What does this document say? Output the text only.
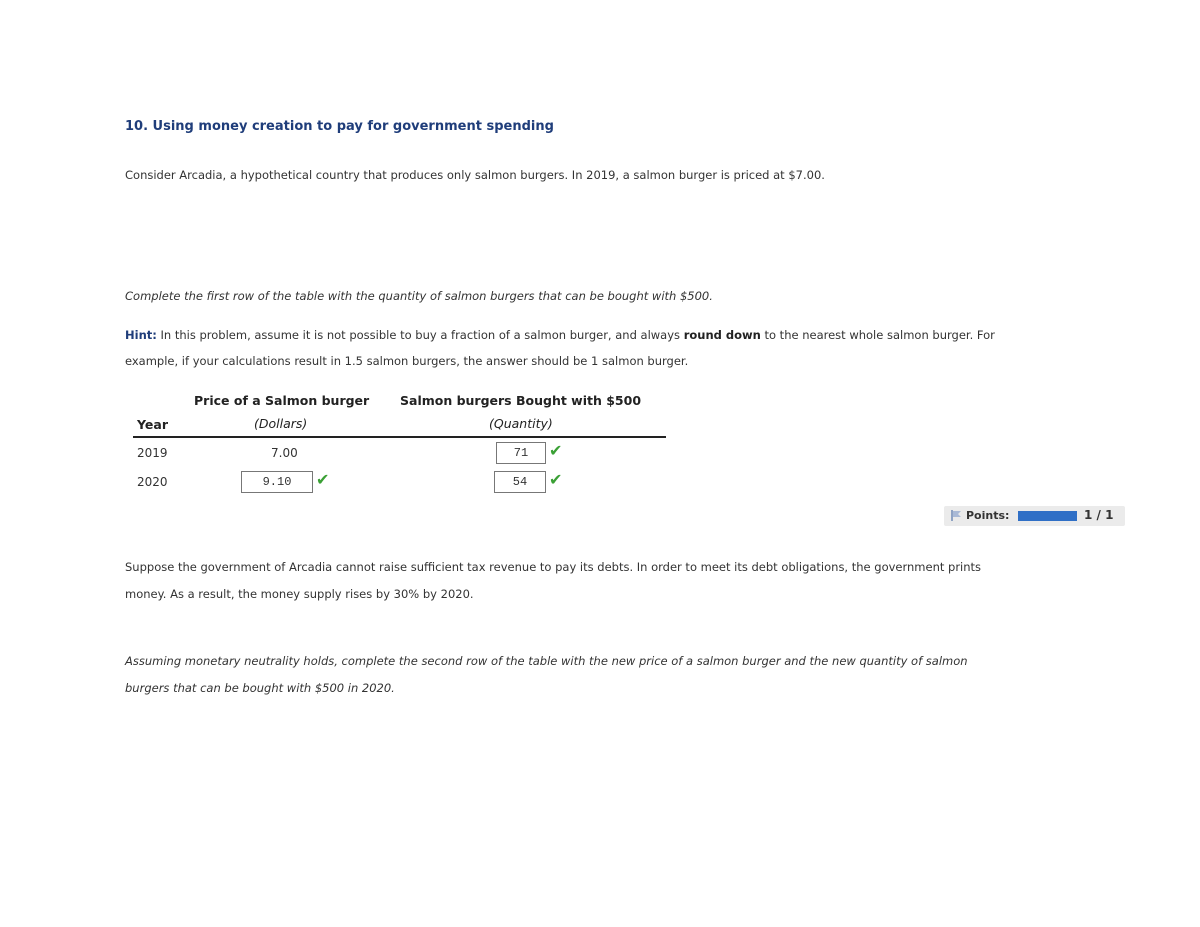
10. Using money creation to pay for government spending
Consider Arcadia, a hypothetical country that produces only salmon burgers. In 2019, a salmon burger is priced at $7.00.
Complete the first row of the table with the quantity of salmon burgers that can be bought with $500.
Hint: In this problem, assume it is not possible to buy a fraction of a salmon burger, and always round down to the nearest whole salmon burger. For
example, if your calculations result in 1.5 salmon burgers, the answer should be 1 salmon burger.
Price of a Salmon burger Salmon burgers Bought with $500
Year	(Dollars)	(Quantity)
2019	7.00	71	✔
2020	9.10	✔	54	✔
Points:	1 / 1
Suppose the government of Arcadia cannot raise sufficient tax revenue to pay its debts. In order to meet its debt obligations, the government prints
money. As a result, the money supply rises by 30% by 2020.
Assuming monetary neutrality holds, complete the second row of the table with the new price of a salmon burger and the new quantity of salmon
burgers that can be bought with $500 in 2020.
